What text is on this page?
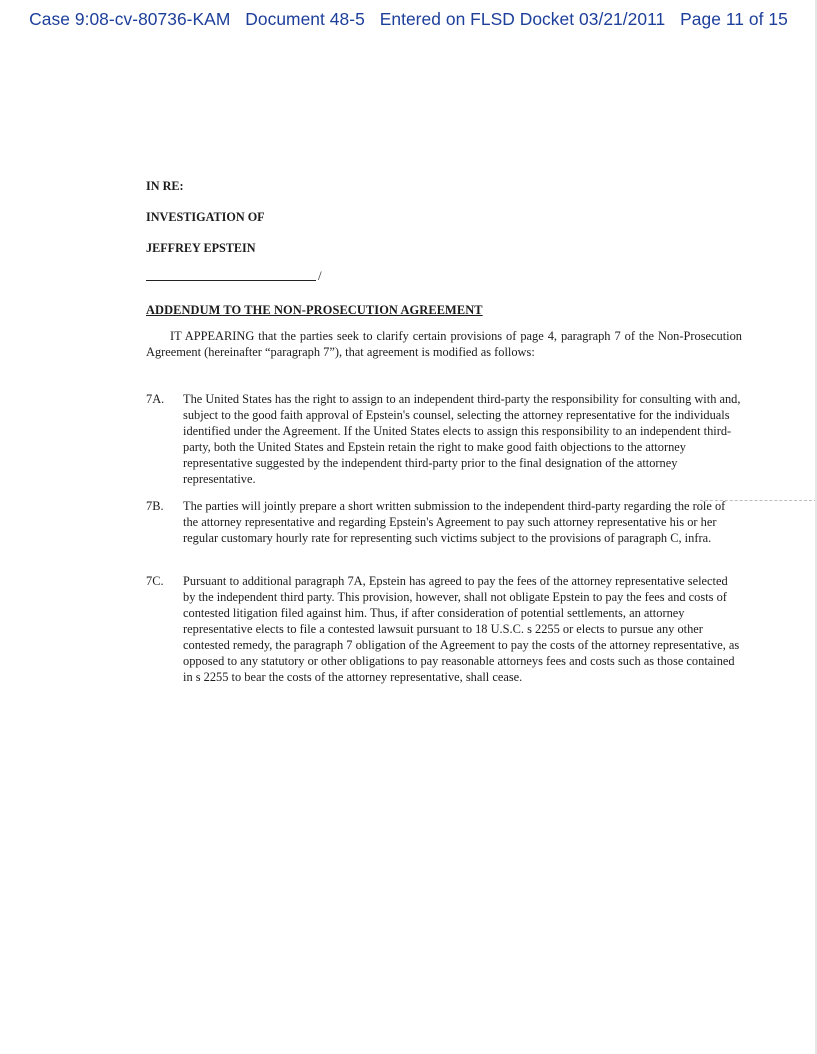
Case 9:08-cv-80736-KAM Document 48-5 Entered on FLSD Docket 03/21/2011 Page 11 of 15

IN RE:

INVESTIGATION OF

JEFFREY EPSTEIN

/

ADDENDUM TO THE NON-PROSECUTION AGREEMENT

IT APPEARING that the parties seek to clarify certain provisions of page 4, paragraph 7 of the Non-Prosecution Agreement (hereinafter “paragraph 7”), that agreement is modified as follows:

7A.	The United States has the right to assign to an independent third-party the responsibility for consulting with and, subject to the good faith approval of Epstein's counsel, selecting the attorney representative for the individuals identified under the Agreement. If the United States elects to assign this responsibility to an independent third-party, both the United States and Epstein retain the right to make good faith objections to the attorney representative suggested by the independent third-party prior to the final designation of the attorney representative.
7B.	The parties will jointly prepare a short written submission to the independent third-party regarding the role of the attorney representative and regarding Epstein's Agreement to pay such attorney representative his or her regular customary hourly rate for representing such victims subject to the provisions of paragraph C, infra.
7C.	Pursuant to additional paragraph 7A, Epstein has agreed to pay the fees of the attorney representative selected by the independent third party. This provision, however, shall not obligate Epstein to pay the fees and costs of contested litigation filed against him. Thus, if after consideration of potential settlements, an attorney representative elects to file a contested lawsuit pursuant to 18 U.S.C. s 2255 or elects to pursue any other contested remedy, the paragraph 7 obligation of the Agreement to pay the costs of the attorney representative, as opposed to any statutory or other obligations to pay reasonable attorneys fees and costs such as those contained in s 2255 to bear the costs of the attorney representative, shall cease.
